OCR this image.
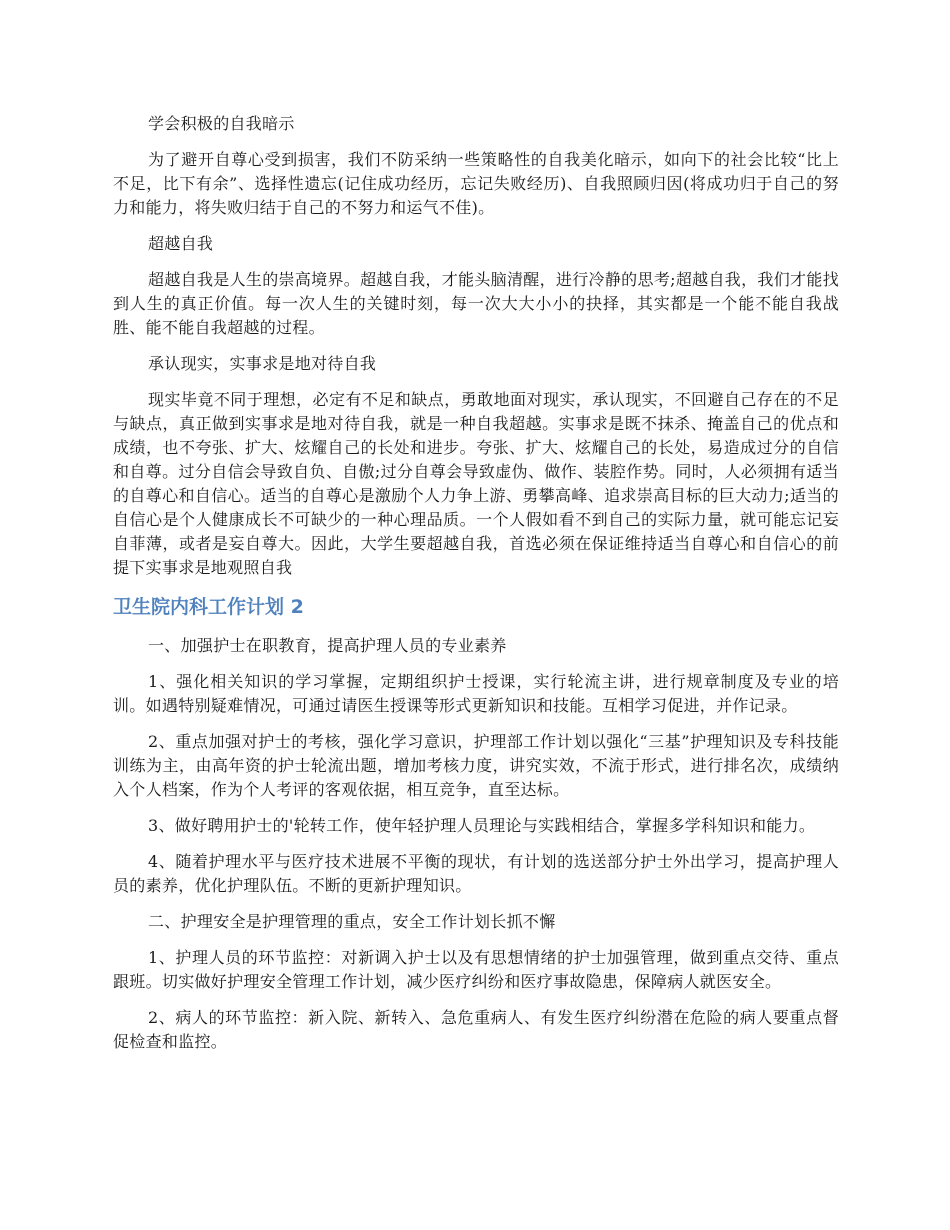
学会积极的自我暗示

为了避开自尊心受到损害，我们不防采纳一些策略性的自我美化暗示，如向下的社会比较“比上不足，比下有余”、选择性遗忘(记住成功经历，忘记失败经历)、自我照顾归因(将成功归于自己的努力和能力，将失败归结于自己的不努力和运气不佳)。

超越自我

超越自我是人生的崇高境界。超越自我，才能头脑清醒，进行冷静的思考;超越自我，我们才能找到人生的真正价值。每一次人生的关键时刻，每一次大大小小的抉择，其实都是一个能不能自我战胜、能不能自我超越的过程。

承认现实，实事求是地对待自我

现实毕竟不同于理想，必定有不足和缺点，勇敢地面对现实，承认现实，不回避自己存在的不足与缺点，真正做到实事求是地对待自我，就是一种自我超越。实事求是既不抹杀、掩盖自己的优点和成绩，也不夸张、扩大、炫耀自己的长处和进步。夸张、扩大、炫耀自己的长处，易造成过分的自信和自尊。过分自信会导致自负、自傲;过分自尊会导致虚伪、做作、装腔作势。同时，人必须拥有适当的自尊心和自信心。适当的自尊心是激励个人力争上游、勇攀高峰、追求崇高目标的巨大动力;适当的自信心是个人健康成长不可缺少的一种心理品质。一个人假如看不到自己的实际力量，就可能忘记妄自菲薄，或者是妄自尊大。因此，大学生要超越自我，首选必须在保证维持适当自尊心和自信心的前提下实事求是地观照自我

卫生院内科工作计划 2

一、加强护士在职教育，提高护理人员的专业素养

1、强化相关知识的学习掌握，定期组织护士授课，实行轮流主讲，进行规章制度及专业的培训。如遇特别疑难情况，可通过请医生授课等形式更新知识和技能。互相学习促进，并作记录。

2、重点加强对护士的考核，强化学习意识，护理部工作计划以强化“三基”护理知识及专科技能训练为主，由高年资的护士轮流出题，增加考核力度，讲究实效，不流于形式，进行排名次，成绩纳入个人档案，作为个人考评的客观依据，相互竞争，直至达标。

3、做好聘用护士的'轮转工作，使年轻护理人员理论与实践相结合，掌握多学科知识和能力。

4、随着护理水平与医疗技术进展不平衡的现状，有计划的选送部分护士外出学习，提高护理人员的素养，优化护理队伍。不断的更新护理知识。

二、护理安全是护理管理的重点，安全工作计划长抓不懈

1、护理人员的环节监控：对新调入护士以及有思想情绪的护士加强管理，做到重点交待、重点跟班。切实做好护理安全管理工作计划，减少医疗纠纷和医疗事故隐患，保障病人就医安全。

2、病人的环节监控：新入院、新转入、急危重病人、有发生医疗纠纷潜在危险的病人要重点督促检查和监控。
